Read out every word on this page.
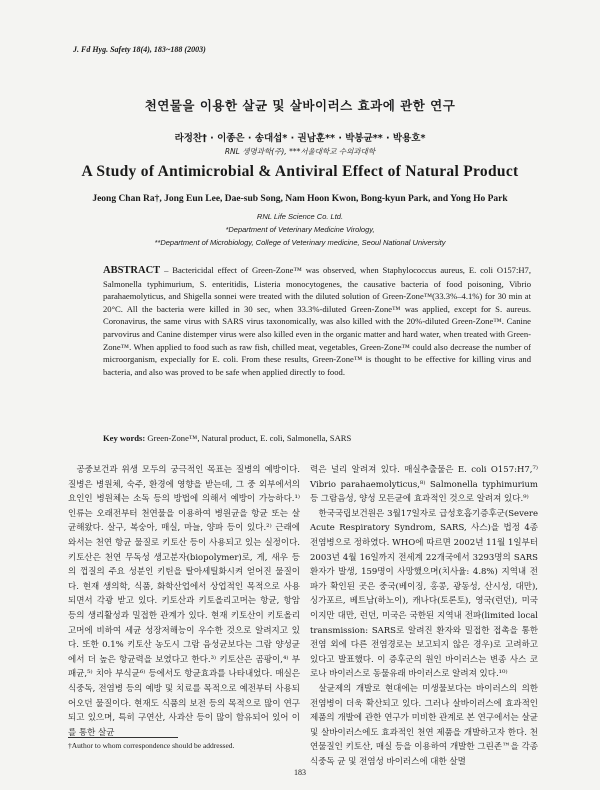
J. Fd Hyg. Safety 18(4), 183~188 (2003)
천연물을 이용한 살균 및 살바이러스 효과에 관한 연구
라정찬† · 이종은 · 송대섭* · 권남훈** · 박봉균** · 박용호*
RNL 생명과학(주), ***서울대학교 수의과대학
A Study of Antimicrobial & Antiviral Effect of Natural Product
Jeong Chan Ra†, Jong Eun Lee, Dae-sub Song, Nam Hoon Kwon, Bong-kyun Park, and Yong Ho Park
RNL Life Science Co. Ltd.
*Department of Veterinary Medicine Virology,
**Department of Microbiology, College of Veterinary medicine, Seoul National University
ABSTRACT – Bactericidal effect of Green-Zone™ was observed, when Staphylococcus aureus, E. coli O157:H7, Salmonella typhimurium, S. enteritidis, Listeria monocytogenes, the causative bacteria of food poisoning, Vibrio parahaemolyticus, and Shigella sonnei were treated with the diluted solution of Green-Zone™(33.3%–4.1%) for 30 min at 20°C. All the bacteria were killed in 30 sec, when 33.3%-diluted Green-Zone™ was applied, except for S. aureus. Coronavirus, the same virus with SARS virus taxonomically, was also killed with the 20%-diluted Green-Zone™. Canine parvovirus and Canine distemper virus were also killed even in the organic matter and hard water, when treated with Green-Zone™. When applied to food such as raw fish, chilled meat, vegetables, Green-Zone™ could also decrease the number of microorganism, expecially for E. coli. From these results, Green-Zone™ is thought to be effective for killing virus and bacteria, and also was proved to be safe when applied directly to food.
Key words: Green-Zone™, Natural product, E. coli, Salmonella, SARS

공중보건과 위생 모두의 궁극적인 목표는 질병의 예방이다. 질병은 병원체, 숙주, 환경에 영향을 받는데, 그 중 외부에서의 요인인 병원체는 소독 등의 방법에 의해서 예방이 가능하다.¹⁾ 인류는 오래전부터 천연물을 이용하여 병원균을 항균 또는 살균해왔다. 살구, 복숭아, 매실, 마늘, 양파 등이 있다.²⁾ 근래에 와서는 천연 항균 물질로 키토산 등이 사용되고 있는 실정이다. 키토산은 천연 무독성 생고분자(biopolymer)로, 게, 새우 등의 껍질의 주요 성분인 키틴을 탈아세틸화시켜 얻어진 물질이다. 현재 생의학, 식품, 화학산업에서 상업적인 목적으로 사용되면서 각광 받고 있다. 키토산과 키토올리고머는 항균, 항암 등의 생리활성과 밀접한 관계가 있다. 현재 키토산이 키토올리고머에 비하여 세균 성장저해능이 우수한 것으로 알려지고 있다. 또한 0.1% 키토산 농도시 그람 음성균보다는 그람 양성균에서 더 높은 항균력을 보였다고 한다.³⁾ 키토산은 곰팡이,⁴⁾ 부패균,⁵⁾ 치아 부식균⁶⁾ 등에서도 항균효과를 나타내었다. 매실은 식중독, 전염병 등의 예방 및 치료를 목적으로 예전부터 사용되어오던 물질이다. 현재도 식품의 보전 등의 목적으로 많이 연구되고 있으며, 특히 구연산, 사과산 등이 많이 함유되어 있어 이를 통한 살균

력은 널리 알려져 있다. 매실추출물은 E. coli O157:H7,⁷⁾ Vibrio parahaemolyticus,⁸⁾ Salmonella typhimurium 등 그람음성, 양성 모든균에 효과적인 것으로 알려져 있다.⁹⁾

한국국립보건원은 3월17일자로 급성호흡기증후군(Severe Acute Respiratory Syndrom, SARS, 사스)을 법정 4종 전염병으로 정하였다. WHO에 따르면 2002년 11월 1일부터 2003년 4월 16일까지 전세계 22개국에서 3293명의 SARS 환자가 발생, 159명이 사망했으며(치사율: 4.8%) 지역내 전파가 확인된 곳은 중국(베이징, 홍콩, 광동성, 산시성, 대만), 싱가포르, 베트남(하노이), 캐나다(토론토), 영국(런던), 미국이지만 대만, 런던, 미국은 국한된 지역내 전파(limited local transmission: SARS로 알려진 환자와 밀접한 접촉을 통한 전염 외에 다른 전염경로는 보고되지 않은 경우)로 고려하고 있다고 발표했다. 이 증후군의 원인 바이러스는 변종 사스 코로나 바이러스로 동물유래 바이러스로 알려져 있다.¹⁰⁾

살균제의 개발로 현대에는 미생물보다는 바이러스의 의한 전염병이 더욱 확산되고 있다. 그러나 살바이러스에 효과적인 제품의 개발에 관한 연구가 미비한 관계로 본 연구에서는 살균 및 살바이러스에도 효과적인 천연 제품을 개발하고자 한다. 천연물질인 키토산, 매실 등을 이용하여 개발한 그린존™을 각종 식중독 균 및 전염성 바이러스에 대한 살멸

†Author to whom correspondence should be addressed.
183
